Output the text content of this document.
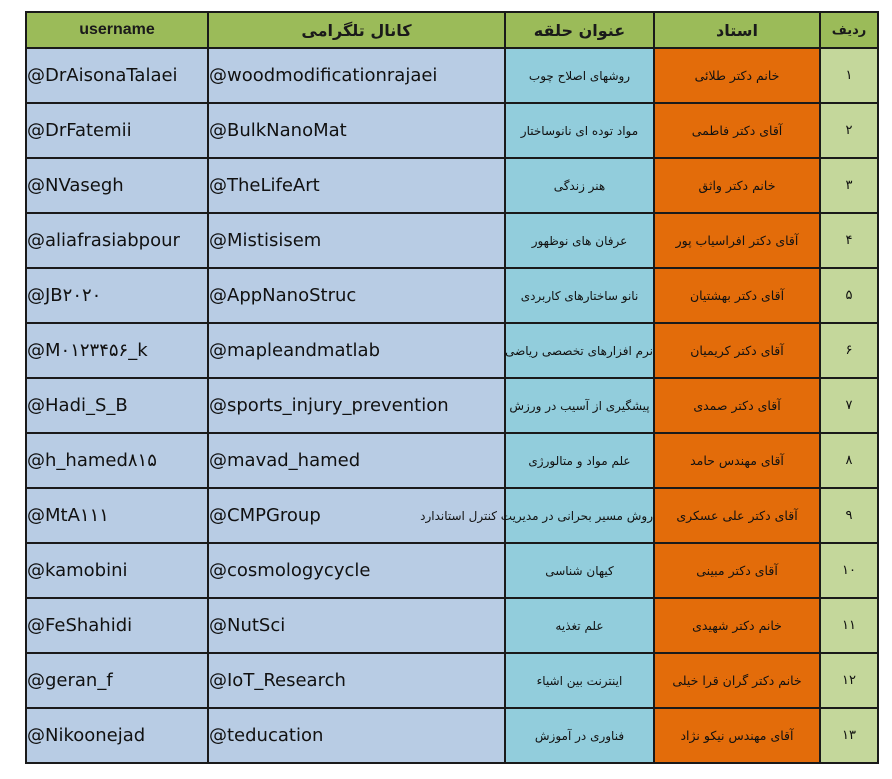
username	کانال تلگرامی	عنوان حلقه	استاد	ردیف
@DrAisonaTalaei	@woodmodificationrajaei	روشهای اصلاح چوب	خانم دکتر طلائی	۱
@DrFatemii	@BulkNanoMat	مواد توده ای نانوساختار	آقای دکتر فاطمی	۲
@NVasegh	@TheLifeArt	هنر زندگی	خانم دکتر واثق	۳
@aliafrasiabpour	@Mistisisem	عرفان های نوظهور	آقای دکتر افراسیاب پور	۴
@JB۲۰۲۰	@AppNanoStruc	نانو ساختارهای کاربردی	آقای دکتر بهشتیان	۵
@M۰۱۲۳۴۵۶_k	@mapleandmatlab	نرم افزارهای تخصصی ریاضی	آقای دکتر کریمیان	۶
@Hadi_S_B	@sports_injury_prevention	پیشگیری از آسیب در ورزش	آقای دکتر صمدی	۷
@h_hamed۸۱۵	@mavad_hamed	علم مواد و متالورژی	آقای مهندس حامد	۸
@MtA۱۱۱	@CMPGroup	روش مسیر بحرانی در مدیریت کنترل استاندارد	آقای دکتر علی عسکری	۹
@kamobini	@cosmologycycle	کیهان شناسی	آقای دکتر مبینی	۱۰
@FeShahidi	@NutSci	علم تغذیه	خانم دکتر شهیدی	۱۱
@geran_f	@IoT_Research	اینترنت بین اشیاء	خانم دکتر گران قرا خیلی	۱۲
@Nikoonejad	@teducation	فناوری در آموزش	آقای مهندس نیکو نژاد	۱۳
